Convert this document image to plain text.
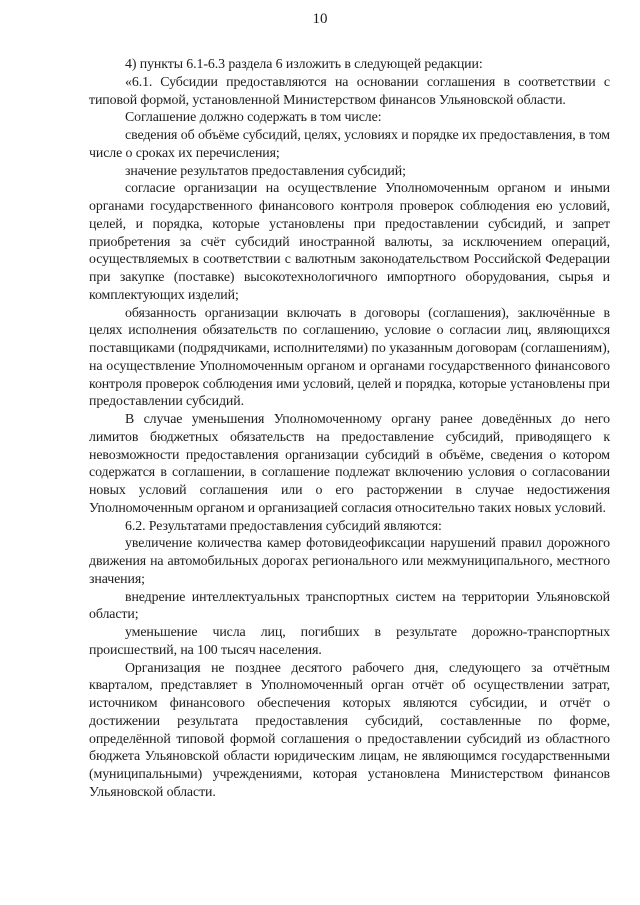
10

4) пункты 6.1-6.3 раздела 6 изложить в следующей редакции:

«6.1. Субсидии предоставляются на основании соглашения в соответствии с типовой формой, установленной Министерством финансов Ульяновской области.

Соглашение должно содержать в том числе:

сведения об объёме субсидий, целях, условиях и порядке их предоставления, в том числе о сроках их перечисления;

значение результатов предоставления субсидий;

согласие организации на осуществление Уполномоченным органом и иными органами государственного финансового контроля проверок соблюдения ею условий, целей, и порядка, которые установлены при предоставлении субсидий, и запрет приобретения за счёт субсидий иностранной валюты, за исключением операций, осуществляемых в соответствии с валютным законодательством Российской Федерации при закупке (поставке) высокотехнологичного импортного оборудования, сырья и комплектующих изделий;

обязанность организации включать в договоры (соглашения), заключённые в целях исполнения обязательств по соглашению, условие о согласии лиц, являющихся поставщиками (подрядчиками, исполнителями) по указанным договорам (соглашениям), на осуществление Уполномоченным органом и органами государственного финансового контроля проверок соблюдения ими условий, целей и порядка, которые установлены при предоставлении субсидий.

В случае уменьшения Уполномоченному органу ранее доведённых до него лимитов бюджетных обязательств на предоставление субсидий, приводящего к невозможности предоставления организации субсидий в объёме, сведения о котором содержатся в соглашении, в соглашение подлежат включению условия о согласовании новых условий соглашения или о его расторжении в случае недостижения Уполномоченным органом и организацией согласия относительно таких новых условий.

6.2. Результатами предоставления субсидий являются:

увеличение количества камер фотовидеофиксации нарушений правил дорожного движения на автомобильных дорогах регионального или межмуниципального, местного значения;

внедрение интеллектуальных транспортных систем на территории Ульяновской области;

уменьшение числа лиц, погибших в результате дорожно-транспортных происшествий, на 100 тысяч населения.

Организация не позднее десятого рабочего дня, следующего за отчётным кварталом, представляет в Уполномоченный орган отчёт об осуществлении затрат, источником финансового обеспечения которых являются субсидии, и отчёт о достижении результата предоставления субсидий, составленные по форме, определённой типовой формой соглашения о предоставлении субсидий из областного бюджета Ульяновской области юридическим лицам, не являющимся государственными (муниципальными) учреждениями, которая установлена Министерством финансов Ульяновской области.
